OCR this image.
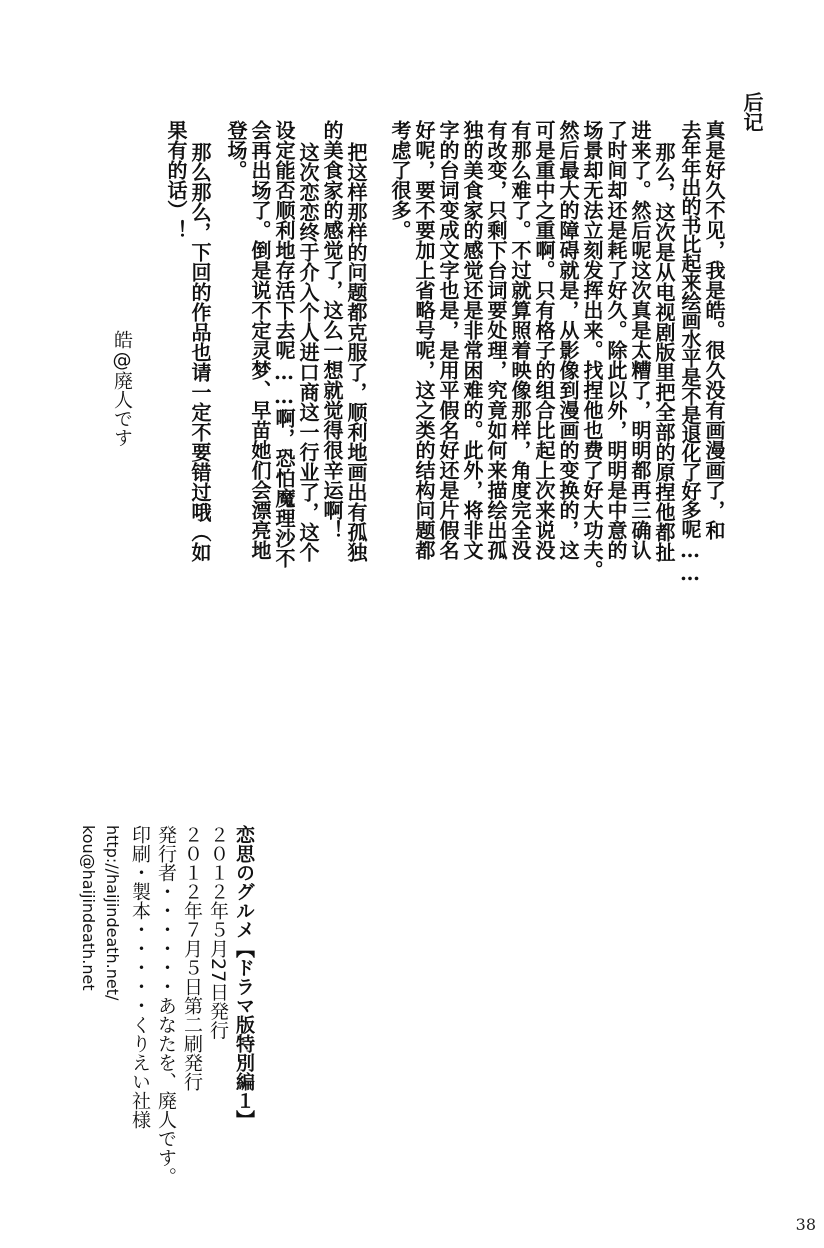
后记
真是好久不见，我是皓。很久没有画漫画了，和
去年年出的书比起来绘画水平是不是退化了好多呢……
那么，这次是从电视剧版里把全部的原捏他都扯
进来了。然后呢这次真是太糟了，明明都再三确认
了时间却还是耗了好久。除此以外，明明是中意的
场景却无法立刻发挥出来。找捏他也费了好大功夫。
然后最大的障碍就是，从影像到漫画的变换的，这
可是重中之重啊。只有格子的组合比起上次来说没
有那么难了。不过就算照着映像那样，角度完全没
有改变，只剩下台词要处理，究竟如何来描绘出孤
独的美食家的感觉还是非常困难的。此外，将非文
字的台词变成文字也是，是用平假名好还是片假名
好呢，要不要加上省略号呢，这之类的结构问题都
考虑了很多。
把这样那样的问题都克服了，顺利地画出有孤独
的美食家的感觉了，这么一想就觉得很辛运啊！
这次恋恋终于介入个人进口商这一行业了，这个
设定能否顺利地存活下去呢……啊，恐怕魔理沙不
会再出场了。倒是说不定灵梦、早苗她们会漂亮地
登场。
那么那么，下回的作品也请一定不要错过哦（如
果有的话）！
皓@廃人です
恋思のグルメ【ドラマ版特別編１】
２０１２年５月27日発行
２０１２年７月５日第二刷発行
発行者・・・・・・あなたを、廃人です。
印刷・製本・・・・・くりえい社様
http://haijindeath.net/
kou@haijindeath.net
38
